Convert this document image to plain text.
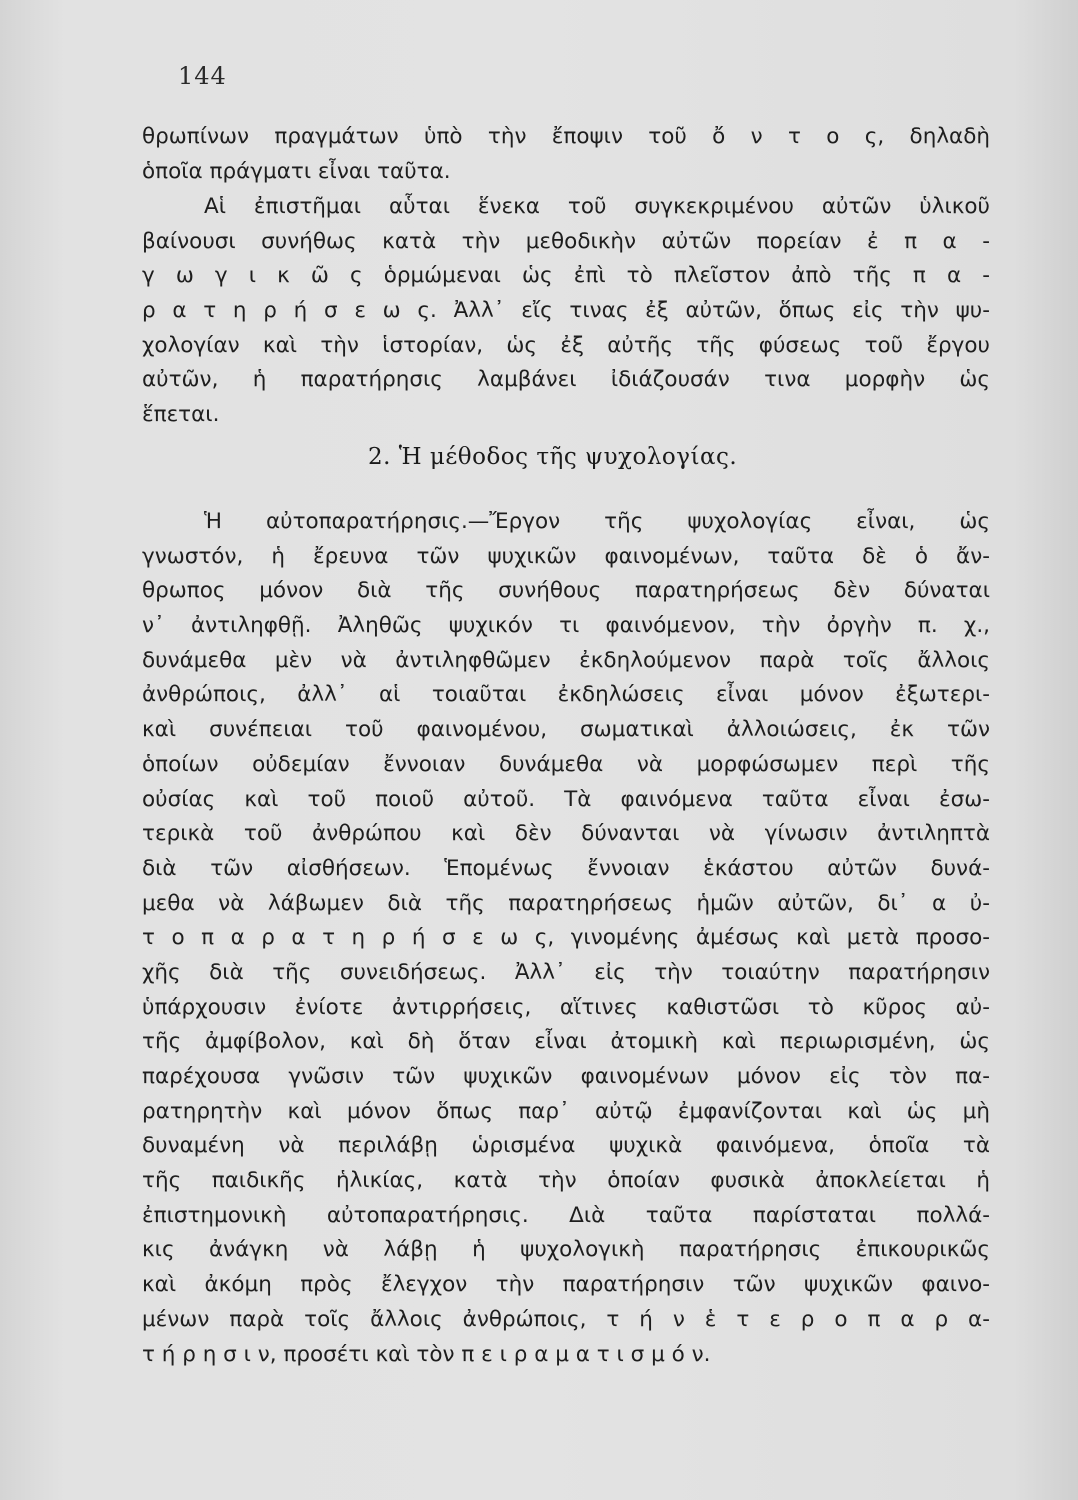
144
θρωπίνων πραγμάτων ὑπὸ τὴν ἔποψιν τοῦ ὄ ν τ ο ς, δηλαδὴ
ὁποῖα πράγματι εἶναι ταῦτα.
Αἱ ἐπιστῆμαι αὗται ἕνεκα τοῦ συγκεκριμένου αὐτῶν ὑλικοῦ
βαίνουσι συνήθως κατὰ τὴν μεθοδικὴν αὐτῶν πορείαν ἐ π α -
γ ω γ ι κ ῶ ς ὁρμώμεναι ὡς ἐπὶ τὸ πλεῖστον ἀπὸ τῆς π α -
ρ α τ η ρ ή σ ε ω ς. Ἀλλ᾽ εἴς τινας ἐξ αὐτῶν, ὅπως εἰς τὴν ψυ-
χολογίαν καὶ τὴν ἱστορίαν, ὡς ἐξ αὐτῆς τῆς φύσεως τοῦ ἔργου
αὐτῶν, ἡ παρατήρησις λαμβάνει ἰδιάζουσάν τινα μορφὴν ὡς
ἕπεται.
2. Ἡ μέθοδος τῆς ψυχολογίας.
Ἡ αὐτοπαρατήρησις.—Ἔργον τῆς ψυχολογίας εἶναι, ὡς
γνωστόν, ἡ ἔρευνα τῶν ψυχικῶν φαινομένων, ταῦτα δὲ ὁ ἄν-
θρωπος μόνον διὰ τῆς συνήθους παρατηρήσεως δὲν δύναται
ν᾽ ἀντιληφθῇ. Ἀληθῶς ψυχικόν τι φαινόμενον, τὴν ὀργὴν π. χ.,
δυνάμεθα μὲν νὰ ἀντιληφθῶμεν ἐκδηλούμενον παρὰ τοῖς ἄλλοις
ἀνθρώποις, ἀλλ᾽ αἱ τοιαῦται ἐκδηλώσεις εἶναι μόνον ἐξωτερι-
καὶ συνέπειαι τοῦ φαινομένου, σωματικαὶ ἀλλοιώσεις, ἐκ τῶν
ὁποίων οὐδεμίαν ἔννοιαν δυνάμεθα νὰ μορφώσωμεν περὶ τῆς
οὐσίας καὶ τοῦ ποιοῦ αὐτοῦ. Τὰ φαινόμενα ταῦτα εἶναι ἐσω-
τερικὰ τοῦ ἀνθρώπου καὶ δὲν δύνανται νὰ γίνωσιν ἀντιληπτὰ
διὰ τῶν αἰσθήσεων. Ἑπομένως ἔννοιαν ἑκάστου αὐτῶν δυνά-
μεθα νὰ λάβωμεν διὰ τῆς παρατηρήσεως ἡμῶν αὐτῶν, δι᾽ α ὐ-
τ ο π α ρ α τ η ρ ή σ ε ω ς, γινομένης ἀμέσως καὶ μετὰ προσο-
χῆς διὰ τῆς συνειδήσεως. Ἀλλ᾽ εἰς τὴν τοιαύτην παρατήρησιν
ὑπάρχουσιν ἐνίοτε ἀντιρρήσεις, αἵτινες καθιστῶσι τὸ κῦρος αὐ-
τῆς ἀμφίβολον, καὶ δὴ ὅταν εἶναι ἀτομικὴ καὶ περιωρισμένη, ὡς
παρέχουσα γνῶσιν τῶν ψυχικῶν φαινομένων μόνον εἰς τὸν πα-
ρατηρητὴν καὶ μόνον ὅπως παρ᾽ αὐτῷ ἐμφανίζονται καὶ ὡς μὴ
δυναμένη νὰ περιλάβῃ ὡρισμένα ψυχικὰ φαινόμενα, ὁποῖα τὰ
τῆς παιδικῆς ἡλικίας, κατὰ τὴν ὁποίαν φυσικὰ ἀποκλείεται ἡ
ἐπιστημονικὴ αὐτοπαρατήρησις. Διὰ ταῦτα παρίσταται πολλά-
κις ἀνάγκη νὰ λάβῃ ἡ ψυχολογικὴ παρατήρησις ἐπικουρικῶς
καὶ ἀκόμη πρὸς ἔλεγχον τὴν παρατήρησιν τῶν ψυχικῶν φαινο-
μένων παρὰ τοῖς ἄλλοις ἀνθρώποις, τ ή ν ἑ τ ε ρ ο π α ρ α-
τ ή ρ η σ ι ν, προσέτι καὶ τὸν π ε ι ρ α μ α τ ι σ μ ό ν.
